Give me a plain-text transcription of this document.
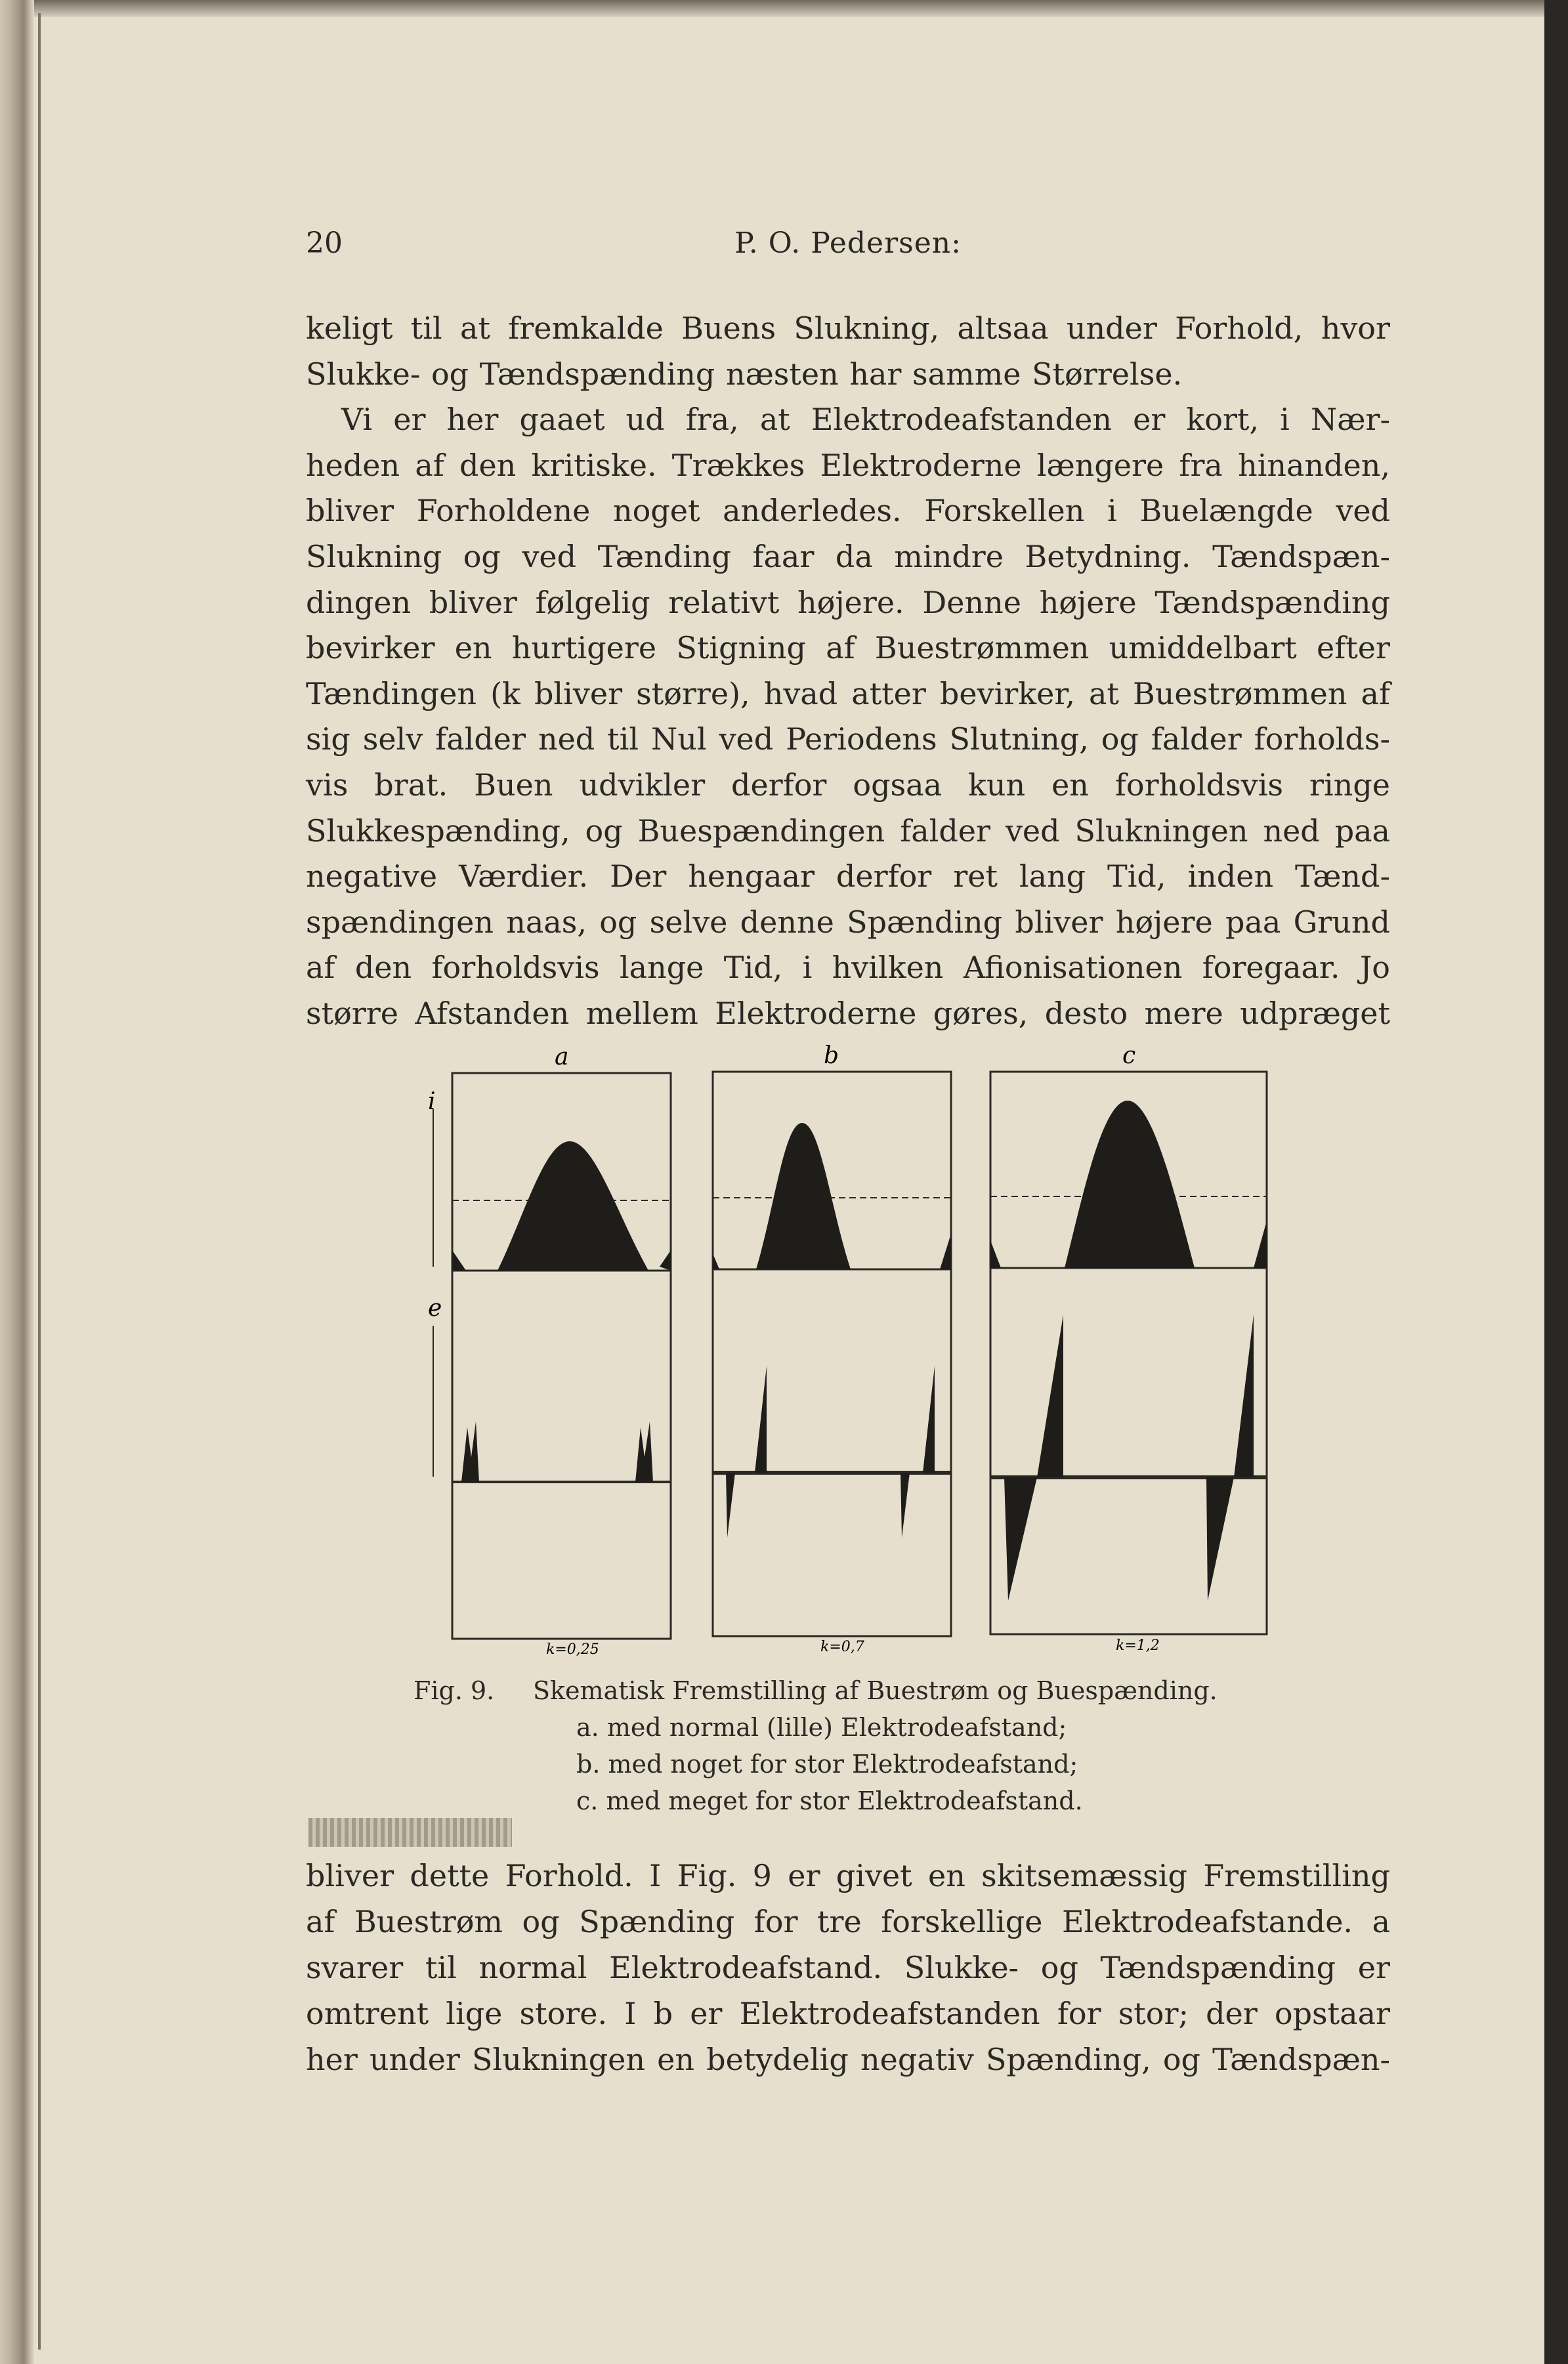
20	P. O. Pedersen:
keligt til at fremkalde Buens Slukning, altsaa under Forhold, hvor
Slukke- og Tændspænding næsten har samme Størrelse.
Vi er her gaaet ud fra, at Elektrodeafstanden er kort, i Nær-
heden af den kritiske. Trækkes Elektroderne længere fra hinanden,
bliver Forholdene noget anderledes. Forskellen i Buelængde ved
Slukning og ved Tænding faar da mindre Betydning. Tændspæn-
dingen bliver følgelig relativt højere. Denne højere Tændspænding
bevirker en hurtigere Stigning af Buestrømmen umiddelbart efter
Tændingen (k bliver større), hvad atter bevirker, at Buestrømmen af
sig selv falder ned til Nul ved Periodens Slutning, og falder forholds-
vis brat. Buen udvikler derfor ogsaa kun en forholdsvis ringe
Slukkespænding, og Buespændingen falder ved Slukningen ned paa
negative Værdier. Der hengaar derfor ret lang Tid, inden Tænd-
spændingen naas, og selve denne Spænding bliver højere paa Grund
af den forholdsvis lange Tid, i hvilken Afionisationen foregaar. Jo
større Afstanden mellem Elektroderne gøres, desto mere udpræget
i
e
a	b	c
k=0,25	k=0,7	k=1,2
Fig. 9. Skematisk Fremstilling af Buestrøm og Buespænding.
a. med normal (lille) Elektrodeafstand;
b. med noget for stor Elektrodeafstand;
c. med meget for stor Elektrodeafstand.
bliver dette Forhold. I Fig. 9 er givet en skitsemæssig Fremstilling
af Buestrøm og Spænding for tre forskellige Elektrodeafstande. a
svarer til normal Elektrodeafstand. Slukke- og Tændspænding er
omtrent lige store. I b er Elektrodeafstanden for stor; der opstaar
her under Slukningen en betydelig negativ Spænding, og Tændspæn-
